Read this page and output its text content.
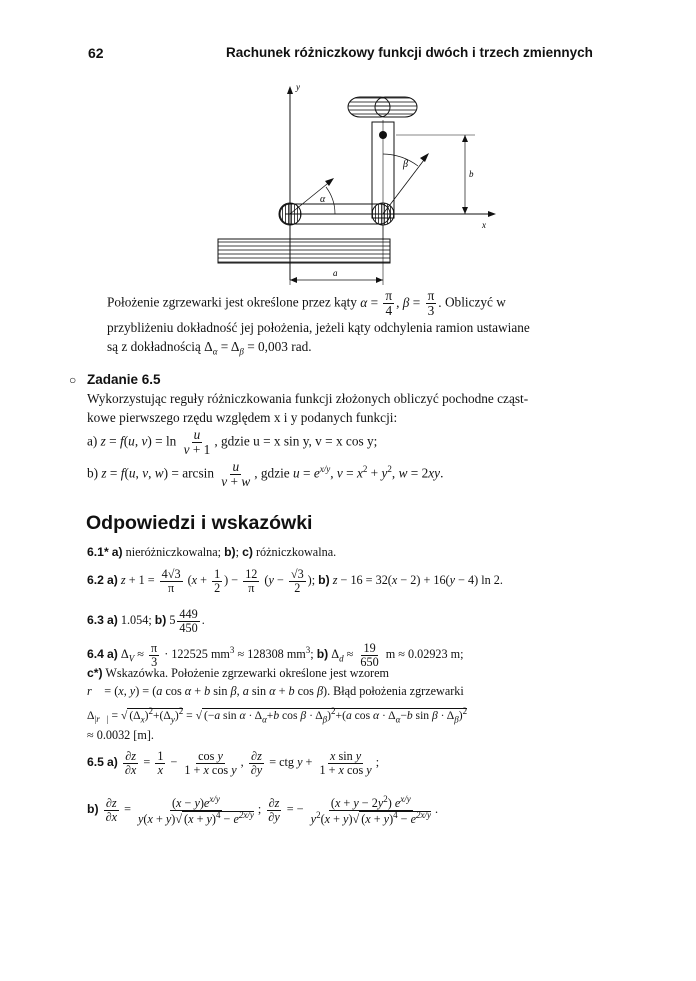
62	Rachunek różniczkowy funkcji dwóch i trzech zmiennych
y
x
α
β
b
a
Położenie zgrzewarki jest określone przez kąty $\alpha = \frac{\pi}{4}$ , $\beta = \frac{\pi}{3}$ . Obliczyć w
przybliżeniu dokładność jej położenia, jeżeli kąty odchylenia ramion ustawiane
są z dokładnością $\Delta_\alpha = \Delta_\beta = 0,003$ rad.
○ Zadanie 6.5
Wykorzystując reguły różniczkowania funkcji złożonych obliczyć pochodne cząst-
kowe pierwszego rzędu względem x i y podanych funkcji:
a) z = f(u, $v) = \ln \frac{u}{v + 1}$ , gdzie u = x sin y, v = x cos y;
b) z = f(u, v, $w) = \arcsin \frac{u}{v + w}$ , gdzie $u = e^{x/y}$, $v = x^2 + y^2$, w = 2xy.
Odpowiedzi i wskazówki
6.1* a) nieróżniczkowalna; b); c) różniczkowalna.
6.2 a) $z + 1 = \frac{4√3}{\pi} (x + \frac{1}{2}$ ) − $\frac{12}{\pi} (y - \frac{√3}{2}$ ); b) z − 16 = 32(x − 2) + 16(y − 4) ln 2.
6.3 a) 1.054; b) $5 \frac{449}{450}$ .
6.4 a) $\Delta_V \approx \frac{\pi}{3} \cdot 122525$ $mm^3 \approx 128308$ $mm^3$; b) $\Delta_d \approx \frac{19}{650}$ m ≈ 0.02923 m;
c*) Wskazówka. Położenie zgrzewarki określone jest wzorem
r⃗ = (x, y) = (a cos α + b sin β, a sin α + b cos β). Błąd położenia zgrzewarki
$\Delta_{|r⃗|}$ = √ $(\Delta_x)^2+(\Delta_y)^2$ = √ (−a $\sin \alpha \cdot \Delta_\alpha+b$ $\cos \beta \cdot \Delta_\beta)^2+(a$ $\cos \alpha \cdot \Delta_\alpha-b$ $\sin \beta \cdot \Delta_\beta)^2$
≈ 0.0032 [m].
6.5 $a) \frac{\partial z}{\partial x} = \frac{1}{x} - \frac{\text{cos y}}{\text{1 + x cos y}}$ , $\frac{\partial z}{\partial y}$ = ctg $y + \frac{\text{x sin y}}{\text{1 + x cos y}}$ ;
$b) \frac{\partial z}{\partial x} = \frac{(x - y)e^{x/y}}{y(x + y)√ (x + y)^4 - e^{2x/y}}$ ; $\frac{\partial z}{\partial y}$ = − $\frac{(x + y - 2y^2) e^{x/y}}{y^2(x + y)√ (x + y)^4 - e^{2x/y}}$ .
